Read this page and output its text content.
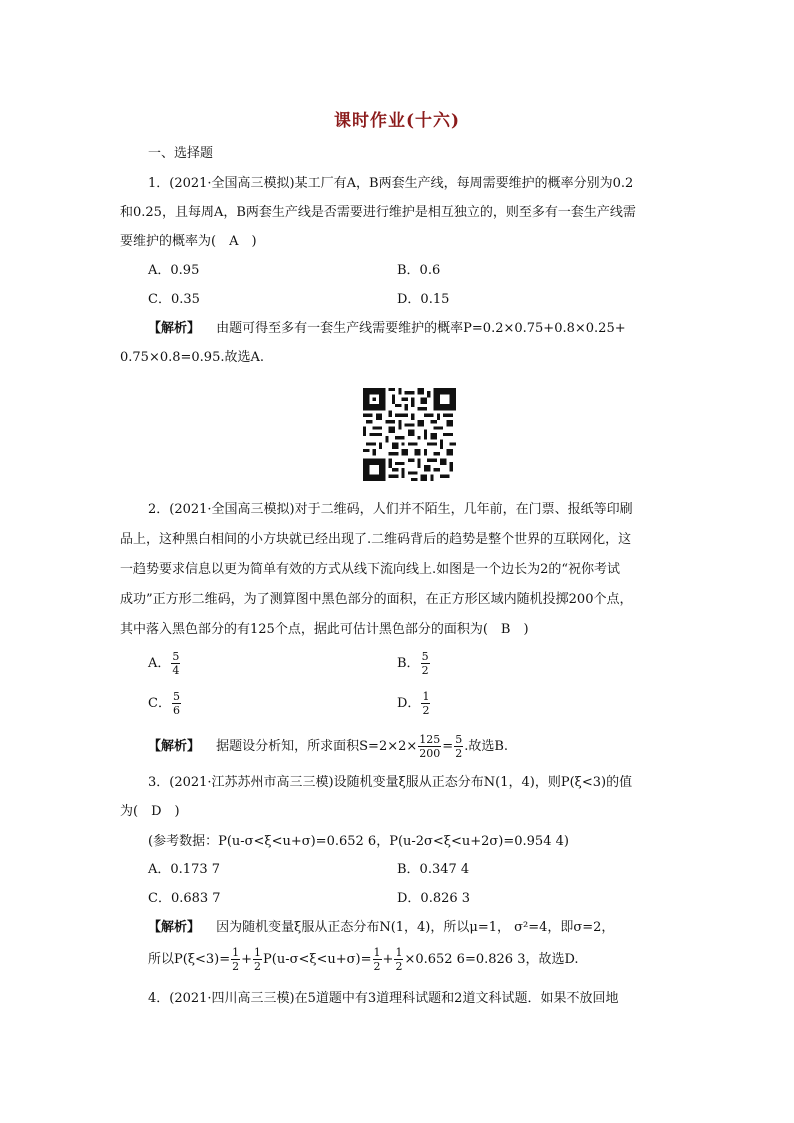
课时作业(十六)
一、选择题
1．(2021·全国高三模拟)某工厂有A，B两套生产线，每周需要维护的概率分别为0.2
和0.25，且每周A，B两套生产线是否需要进行维护是相互独立的，则至多有一套生产线需
要维护的概率为(　A　)
A．0.95	B．0.6
C．0.35	D．0.15
【解析】 由题可得至多有一套生产线需要维护的概率P=0.2×0.75+0.8×0.25+
0.75×0.8=0.95.故选A.
2．(2021·全国高三模拟)对于二维码，人们并不陌生，几年前，在门票、报纸等印刷
品上，这种黑白相间的小方块就已经出现了.二维码背后的趋势是整个世界的互联网化，这
一趋势要求信息以更为简单有效的方式从线下流向线上.如图是一个边长为2的“祝你考试
成功”正方形二维码，为了测算图中黑色部分的面积，在正方形区域内随机投掷200个点，
其中落入黑色部分的有125个点，据此可估计黑色部分的面积为(　B　)
A． $\frac{5}{4}$	B． $\frac{5}{2}$
C． $\frac{5}{6}$	D． $\frac{1}{2}$
【解析】 据题设分析知，所求面积$S=2\times 2\times \frac{125}{200} = \frac{5}{2}$ .故选B.
3．(2021·江苏苏州市高三三模)设随机变量ξ服从正态分布N(1，4)，则P(ξ<3)的值
为(　D　)
(参考数据：P(u-σ<ξ<u+σ)=0.652 6，P(u-2σ<ξ<u+2σ)=0.954 4)
A．0.173 7	B．0.347 4
C．0.683 7	D．0.826 3
【解析】 因为随机变量ξ服从正态分布N(1，4)，所以μ=1， σ²=4，即σ=2，
所以$P(\xi<3)= \frac{1}{2} + \frac{1}{2} P(u-\sigma<\xi<u+\sigma)= \frac{1}{2} + \frac{1}{2} \times 0.652$ 6=0.826 3，故选D.
4．(2021·四川高三三模)在5道题中有3道理科试题和2道文科试题．如果不放回地
